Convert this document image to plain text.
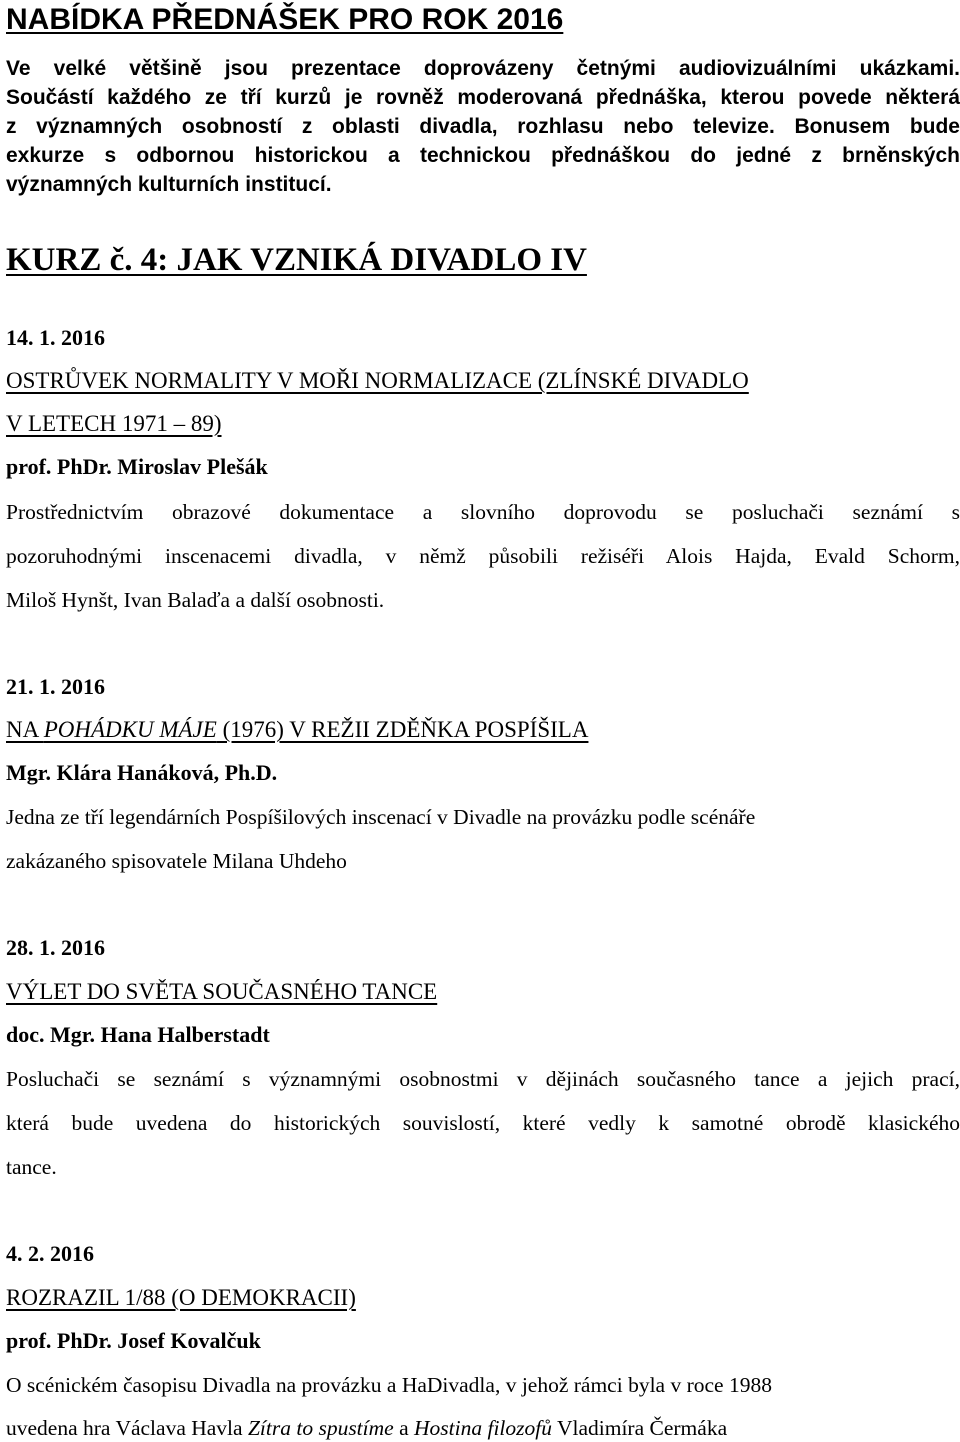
NABÍDKA PŘEDNÁŠEK PRO ROK 2016
Ve velké většině jsou prezentace doprovázeny četnými audiovizuálními ukázkami.
Součástí každého ze tří kurzů je rovněž moderovaná přednáška, kterou povede některá
z významných osobností z oblasti divadla, rozhlasu nebo televize. Bonusem bude
exkurze s odbornou historickou a technickou přednáškou do jedné z brněnských
významných kulturních institucí.
KURZ č. 4: JAK VZNIKÁ DIVADLO IV
14. 1. 2016
OSTRŮVEK NORMALITY V MOŘI NORMALIZACE (ZLÍNSKÉ DIVADLO
V LETECH 1971 – 89)
prof. PhDr. Miroslav Plešák
Prostřednictvím obrazové dokumentace a slovního doprovodu se posluchači seznámí s
pozoruhodnými inscenacemi divadla, v němž působili režiséři Alois Hajda, Evald Schorm,
Miloš Hynšt, Ivan Balaďa a další osobnosti.
21. 1. 2016
NA POHÁDKU MÁJE (1976) V REŽII ZDĚŇKA POSPÍŠILA
Mgr. Klára Hanáková, Ph.D.
Jedna ze tří legendárních Pospíšilových inscenací v Divadle na provázku podle scénáře
zakázaného spisovatele Milana Uhdeho
28. 1. 2016
VÝLET DO SVĚTA SOUČASNÉHO TANCE
doc. Mgr. Hana Halberstadt
Posluchači se seznámí s významnými osobnostmi v dějinách současného tance a jejich prací,
která bude uvedena do historických souvislostí, které vedly k samotné obrodě klasického
tance.
4. 2. 2016
ROZRAZIL 1/88 (O DEMOKRACII)
prof. PhDr. Josef Kovalčuk
O scénickém časopisu Divadla na provázku a HaDivadla, v jehož rámci byla v roce 1988
uvedena hra Václava Havla Zítra to spustíme a Hostina filozofů Vladimíra Čermáka
